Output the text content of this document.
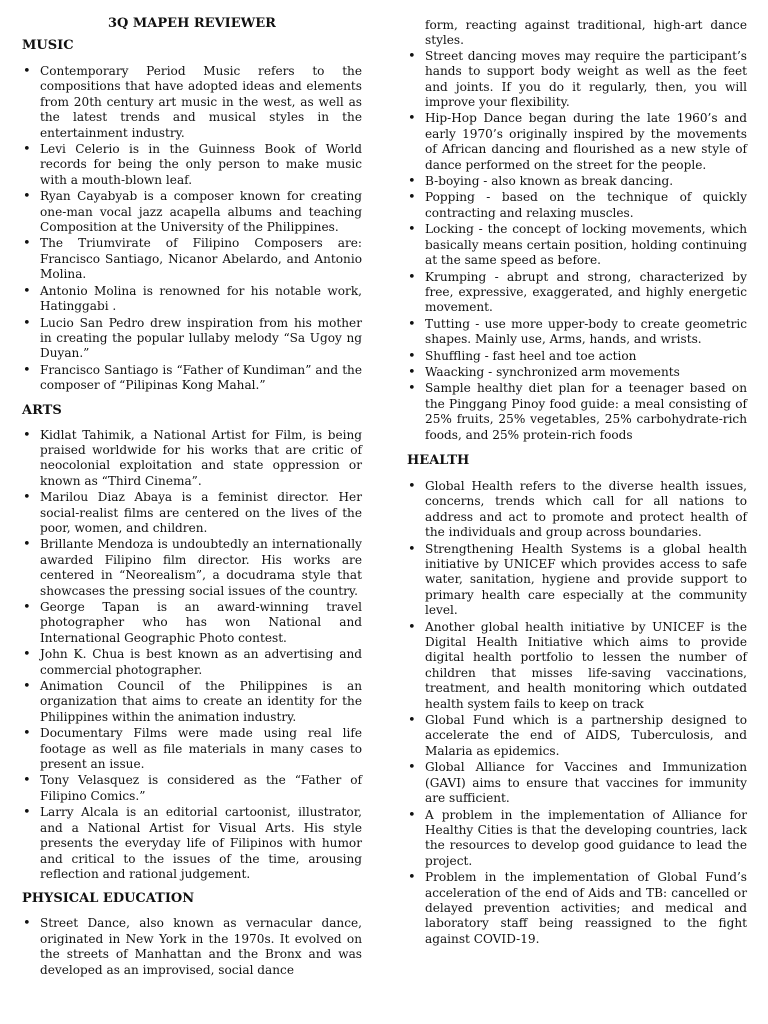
3Q MAPEH REVIEWER
MUSIC
• Contemporary Period Music refers to the compositions that have adopted ideas and elements from 20th century art music in the west, as well as the latest trends and musical styles in the entertainment industry.
• Levi Celerio is in the Guinness Book of World records for being the only person to make music with a mouth-blown leaf.
• Ryan Cayabyab is a composer known for creating one-man vocal jazz acapella albums and teaching Composition at the University of the Philippines.
• The Triumvirate of Filipino Composers are: Francisco Santiago, Nicanor Abelardo, and Antonio Molina.
• Antonio Molina is renowned for his notable work, Hatinggabi .
• Lucio San Pedro drew inspiration from his mother in creating the popular lullaby melody “Sa Ugoy ng Duyan.”
• Francisco Santiago is “Father of Kundiman” and the composer of “Pilipinas Kong Mahal.”
ARTS
• Kidlat Tahimik, a National Artist for Film, is being praised worldwide for his works that are critic of neocolonial exploitation and state oppression or known as “Third Cinema”.
• Marilou Diaz Abaya is a feminist director. Her social-realist films are centered on the lives of the poor, women, and children.
• Brillante Mendoza is undoubtedly an internationally awarded Filipino film director. His works are centered in “Neorealism”, a docudrama style that showcases the pressing social issues of the country.
• George Tapan is an award-winning travel photographer who has won National and International Geographic Photo contest.
• John K. Chua is best known as an advertising and commercial photographer.
• Animation Council of the Philippines is an organization that aims to create an identity for the Philippines within the animation industry.
• Documentary Films were made using real life footage as well as file materials in many cases to present an issue.
• Tony Velasquez is considered as the “Father of Filipino Comics.”
• Larry Alcala is an editorial cartoonist, illustrator, and a National Artist for Visual Arts. His style presents the everyday life of Filipinos with humor and critical to the issues of the time, arousing reflection and rational judgement.
PHYSICAL EDUCATION
• Street Dance, also known as vernacular dance, originated in New York in the 1970s. It evolved on the streets of Manhattan and the Bronx and was developed as an improvised, social dance

form, reacting against traditional, high-art dance styles.

• Street dancing moves may require the participant’s hands to support body weight as well as the feet and joints. If you do it regularly, then, you will improve your flexibility.
• Hip-Hop Dance began during the late 1960’s and early 1970’s originally inspired by the movements of African dancing and flourished as a new style of dance performed on the street for the people.
• B-boying - also known as break dancing.
• Popping - based on the technique of quickly contracting and relaxing muscles.
• Locking - the concept of locking movements, which basically means certain position, holding continuing at the same speed as before.
• Krumping - abrupt and strong, characterized by free, expressive, exaggerated, and highly energetic movement.
• Tutting - use more upper-body to create geometric shapes. Mainly use, Arms, hands, and wrists.
• Shuffling - fast heel and toe action
• Waacking - synchronized arm movements
• Sample healthy diet plan for a teenager based on the Pinggang Pinoy food guide: a meal consisting of 25% fruits, 25% vegetables, 25% carbohydrate-rich foods, and 25% protein-rich foods
HEALTH
• Global Health refers to the diverse health issues, concerns, trends which call for all nations to address and act to promote and protect health of the individuals and group across boundaries.
• Strengthening Health Systems is a global health initiative by UNICEF which provides access to safe water, sanitation, hygiene and provide support to primary health care especially at the community level.
• Another global health initiative by UNICEF is the Digital Health Initiative which aims to provide digital health portfolio to lessen the number of children that misses life-saving vaccinations, treatment, and health monitoring which outdated health system fails to keep on track
• Global Fund which is a partnership designed to accelerate the end of AIDS, Tuberculosis, and Malaria as epidemics.
• Global Alliance for Vaccines and Immunization (GAVI) aims to ensure that vaccines for immunity are sufficient.
• A problem in the implementation of Alliance for Healthy Cities is that the developing countries, lack the resources to develop good guidance to lead the project.
• Problem in the implementation of Global Fund’s acceleration of the end of Aids and TB: cancelled or delayed prevention activities; and medical and laboratory staff being reassigned to the fight against COVID-19.
